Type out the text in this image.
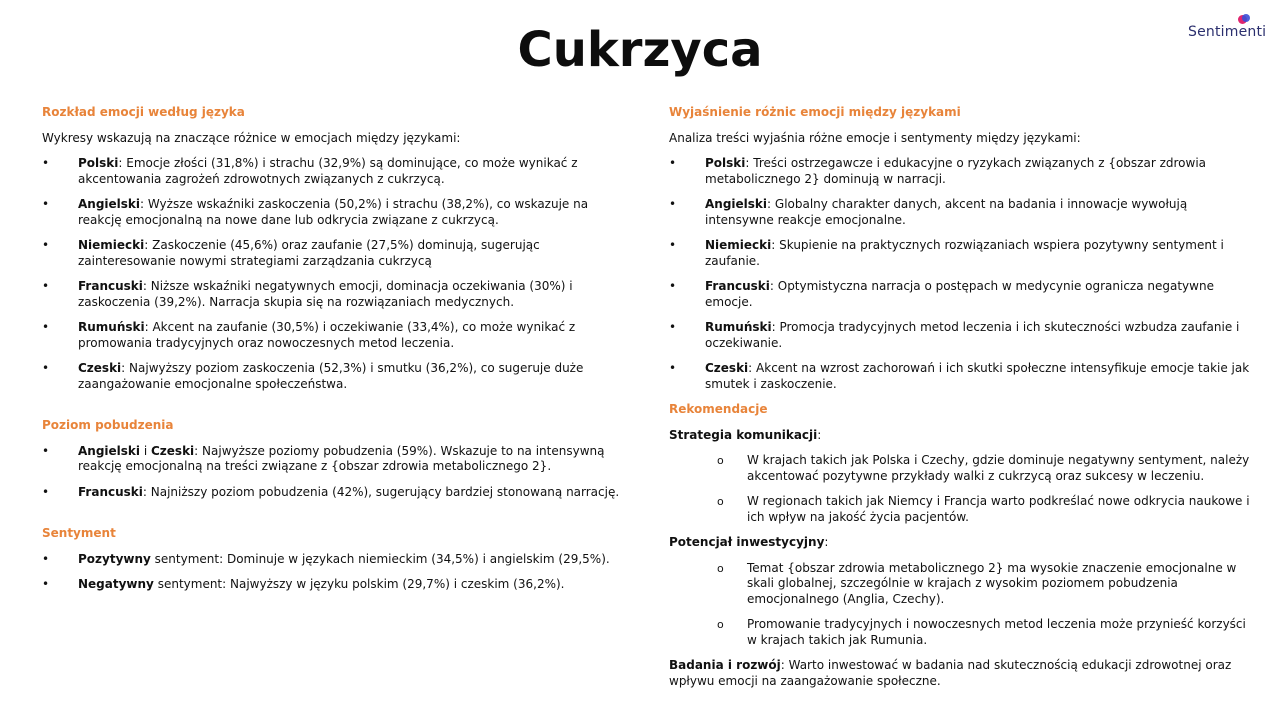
Cukrzyca	Sentimenti
Rozkład emocji według języka
Wykresy wskazują na znaczące różnice w emocjach między językami:
• Polski: Emocje złości (31,8%) i strachu (32,9%) są dominujące, co może wynikać z akcentowania zagrożeń zdrowotnych związanych z cukrzycą.
• Angielski: Wyższe wskaźniki zaskoczenia (50,2%) i strachu (38,2%), co wskazuje na reakcję emocjonalną na nowe dane lub odkrycia związane z cukrzycą.
• Niemiecki: Zaskoczenie (45,6%) oraz zaufanie (27,5%) dominują, sugerując zainteresowanie nowymi strategiami zarządzania cukrzycą
• Francuski: Niższe wskaźniki negatywnych emocji, dominacja oczekiwania (30%) i zaskoczenia (39,2%). Narracja skupia się na rozwiązaniach medycznych.
• Rumuński: Akcent na zaufanie (30,5%) i oczekiwanie (33,4%), co może wynikać z promowania tradycyjnych oraz nowoczesnych metod leczenia.
• Czeski: Najwyższy poziom zaskoczenia (52,3%) i smutku (36,2%), co sugeruje duże zaangażowanie emocjonalne społeczeństwa.
Poziom pobudzenia
• Angielski i Czeski: Najwyższe poziomy pobudzenia (59%). Wskazuje to na intensywną reakcję emocjonalną na treści związane z {obszar zdrowia metabolicznego 2}.
• Francuski: Najniższy poziom pobudzenia (42%), sugerujący bardziej stonowaną narrację.
Sentyment
• Pozytywny sentyment: Dominuje w językach niemieckim (34,5%) i angielskim (29,5%).
• Negatywny sentyment: Najwyższy w języku polskim (29,7%) i czeskim (36,2%).
Wyjaśnienie różnic emocji między językami
Analiza treści wyjaśnia różne emocje i sentymenty między językami:
• Polski: Treści ostrzegawcze i edukacyjne o ryzykach związanych z {obszar zdrowia metabolicznego 2} dominują w narracji.
• Angielski: Globalny charakter danych, akcent na badania i innowacje wywołują intensywne reakcje emocjonalne.
• Niemiecki: Skupienie na praktycznych rozwiązaniach wspiera pozytywny sentyment i zaufanie.
• Francuski: Optymistyczna narracja o postępach w medycynie ogranicza negatywne emocje.
• Rumuński: Promocja tradycyjnych metod leczenia i ich skuteczności wzbudza zaufanie i oczekiwanie.
• Czeski: Akcent na wzrost zachorowań i ich skutki społeczne intensyfikuje emocje takie jak smutek i zaskoczenie.
Rekomendacje
Strategia komunikacji:
o W krajach takich jak Polska i Czechy, gdzie dominuje negatywny sentyment, należy akcentować pozytywne przykłady walki z cukrzycą oraz sukcesy w leczeniu.
o W regionach takich jak Niemcy i Francja warto podkreślać nowe odkrycia naukowe i ich wpływ na jakość życia pacjentów.
Potencjał inwestycyjny:
o Temat {obszar zdrowia metabolicznego 2} ma wysokie znaczenie emocjonalne w skali globalnej, szczególnie w krajach z wysokim poziomem pobudzenia emocjonalnego (Anglia, Czechy).
o Promowanie tradycyjnych i nowoczesnych metod leczenia może przynieść korzyści w krajach takich jak Rumunia.
Badania i rozwój: Warto inwestować w badania nad skutecznością edukacji zdrowotnej oraz wpływu emocji na zaangażowanie społeczne.
